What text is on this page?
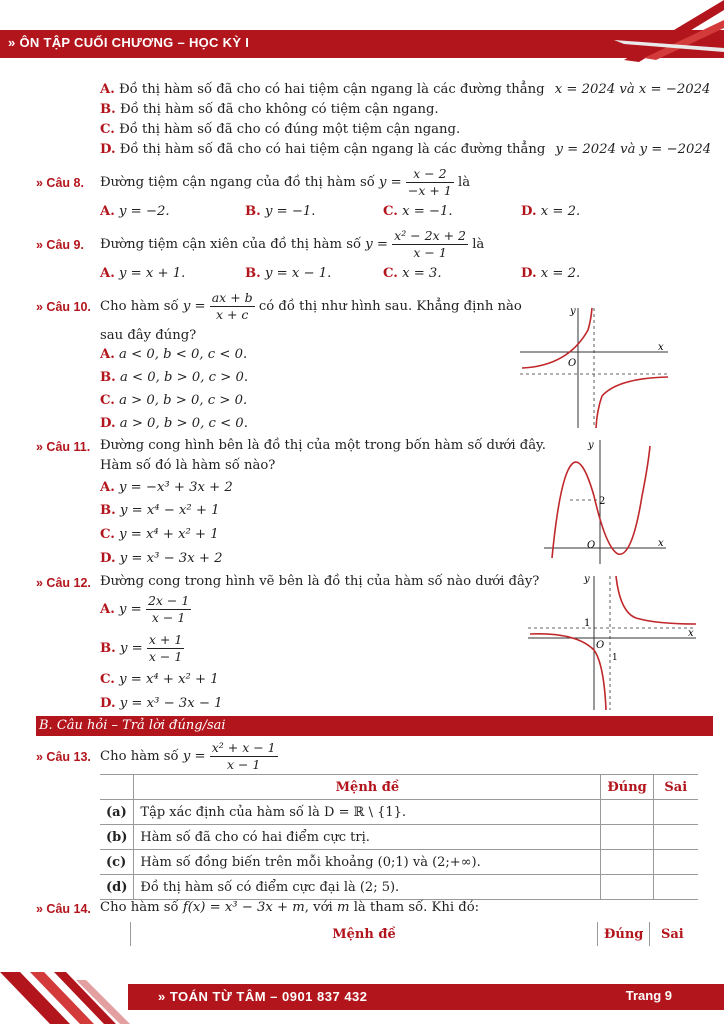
» ÔN TẬP CUỐI CHƯƠNG – HỌC KỲ I
A. Đồ thị hàm số đã cho có hai tiệm cận ngang là các đường thẳng x = 2024 và x = −2024
B. Đồ thị hàm số đã cho không có tiệm cận ngang.
C. Đồ thị hàm số đã cho có đúng một tiệm cận ngang.
D. Đồ thị hàm số đã cho có hai tiệm cận ngang là các đường thẳng y = 2024 và y = −2024
» Câu 8. Đường tiệm cận ngang của đồ thị hàm số $y = \frac{x - 2}{-x + 1}$ là
A. y = −2.	B. y = −1.	C. x = −1.	D. x = 2.
» Câu 9. Đường tiệm cận xiên của đồ thị hàm số $y = \frac{\text{x² − 2x + 2}}{x - 1}$ là
A. y = x + 1.	B. y = x − 1.	C. x = 3.	D. x = 2.
» Câu 10. Cho hàm số $y = \frac{ax + b}{x + c}$ có đồ thị như hình sau. Khẳng định nào
sau đây đúng?
A. a < 0, b < 0, c < 0.
B. a < 0, b > 0, c > 0.
C. a > 0, b > 0, c > 0.
D. a > 0, b > 0, c < 0.
x
y
O
» Câu 11. Đường cong hình bên là đồ thị của một trong bốn hàm số dưới đây.
Hàm số đó là hàm số nào?
A. y = −x³ + 3x + 2
B. y = x⁴ − x² + 1
C. y = x⁴ + x² + 1
D. y = x³ − 3x + 2
x
y
O
2
» Câu 12. Đường cong trong hình vẽ bên là đồ thị của hàm số nào dưới đây?
A. $y = \frac{2x - 1}{x - 1}$
B. $y = \frac{x + 1}{x - 1}$
C. y = x⁴ + x² + 1
D. y = x³ − 3x − 1
x
y
O
1
1
B. Câu hỏi – Trả lời đúng/sai
» Câu 13. Cho hàm số $y = \frac{\text{x² + x − 1}}{x - 1}$
	Mệnh đề	Đúng	Sai
(a)	Tập xác định của hàm số là D = ℝ \ {1}.		
(b)	Hàm số đã cho có hai điểm cực trị.		
(c)	Hàm số đồng biến trên mỗi khoảng (0;1) và (2;+∞).		
(d)	Đồ thị hàm số có điểm cực đại là (2; 5).		
» Câu 14. Cho hàm số f(x) = x³ − 3x + m, với m là tham số. Khi đó:
	Mệnh đề	Đúng	Sai
» TOÁN TỪ TÂM – 0901 837 432	Trang 9
